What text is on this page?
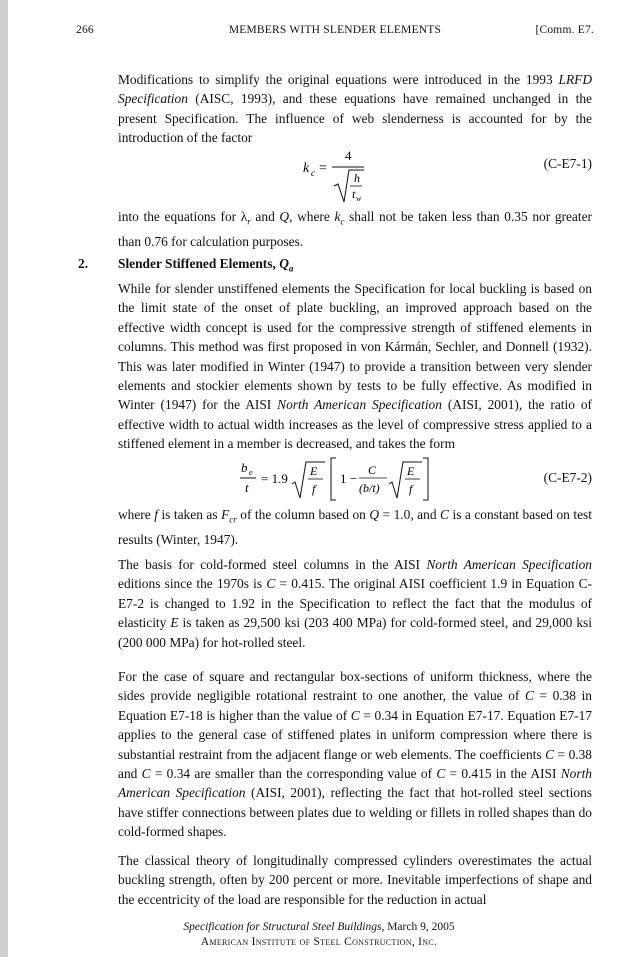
266	MEMBERS WITH SLENDER ELEMENTS	[Comm. E7.

Modifications to simplify the original equations were introduced in the 1993 LRFD Specification (AISC, 1993), and these equations have remained unchanged in the present Specification. The influence of web slenderness is accounted for by the introduction of the factor

k c =
4
h
t w
(C-E7-1)

into the equations for $\lambda_r$ and Q, where $k_c$ shall not be taken less than 0.35 nor greater than 0.76 for calculation purposes.

2. Slender Stiffened Elements, $Q_a$

While for slender unstiffened elements the Specification for local buckling is based on the limit state of the onset of plate buckling, an improved approach based on the effective width concept is used for the compressive strength of stiffened elements in columns. This method was first proposed in von Kármán, Sechler, and Donnell (1932). This was later modified in Winter (1947) to provide a transition between very slender elements and stockier elements shown by tests to be fully effective. As modified in Winter (1947) for the AISI North American Specification (AISI, 2001), the ratio of effective width to actual width increases as the level of compressive stress applied to a stiffened element in a member is decreased, and takes the form

b e
t
= 1.9 E
f
1 −
C
(b/t)
E
f
(C-E7-2)

where f is taken as $F_{cr}$ of the column based on Q = 1.0, and C is a constant based on test results (Winter, 1947).

The basis for cold-formed steel columns in the AISI North American Specification editions since the 1970s is C = 0.415. The original AISI coefficient 1.9 in Equation C-E7-2 is changed to 1.92 in the Specification to reflect the fact that the modulus of elasticity E is taken as 29,500 ksi (203 400 MPa) for cold-formed steel, and 29,000 ksi (200 000 MPa) for hot-rolled steel.

For the case of square and rectangular box-sections of uniform thickness, where the sides provide negligible rotational restraint to one another, the value of C = 0.38 in Equation E7-18 is higher than the value of C = 0.34 in Equation E7-17. Equation E7-17 applies to the general case of stiffened plates in uniform compression where there is substantial restraint from the adjacent flange or web elements. The coefficients C = 0.38 and C = 0.34 are smaller than the corresponding value of C = 0.415 in the AISI North American Specification (AISI, 2001), reflecting the fact that hot-rolled steel sections have stiffer connections between plates due to welding or fillets in rolled shapes than do cold-formed shapes.

The classical theory of longitudinally compressed cylinders overestimates the actual buckling strength, often by 200 percent or more. Inevitable imperfections of shape and the eccentricity of the load are responsible for the reduction in actual

Specification for Structural Steel Buildings, March 9, 2005
American Institute of Steel Construction, Inc.
